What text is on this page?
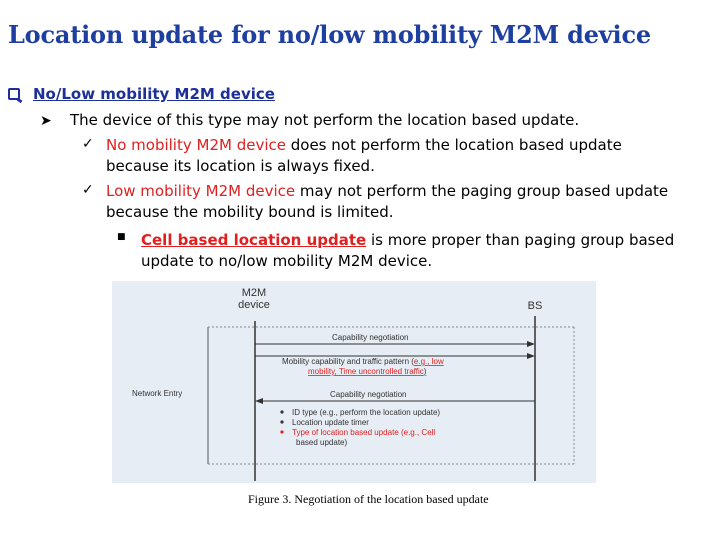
Location update for no/low mobility M2M device
No/Low mobility M2M device
➤ The device of this type may not perform the location based update.
✓ No mobility M2M device does not perform the location based update
because its location is always fixed.
✓ Low mobility M2M device may not perform the paging group based update
because the mobility bound is limited.
■ Cell based location update is more proper than paging group based
update to no/low mobility M2M device.
M2M
device	BS
Network Entry
Capability negotiation
Mobility capability and traffic pattern (e.g., low
mobility, Time uncontrolled traffic)
Capability negotiation
ID type (e.g., perform the location update)
Location update timer
Type of location based update (e.g., Cell
based update)
Figure 3. Negotiation of the location based update
